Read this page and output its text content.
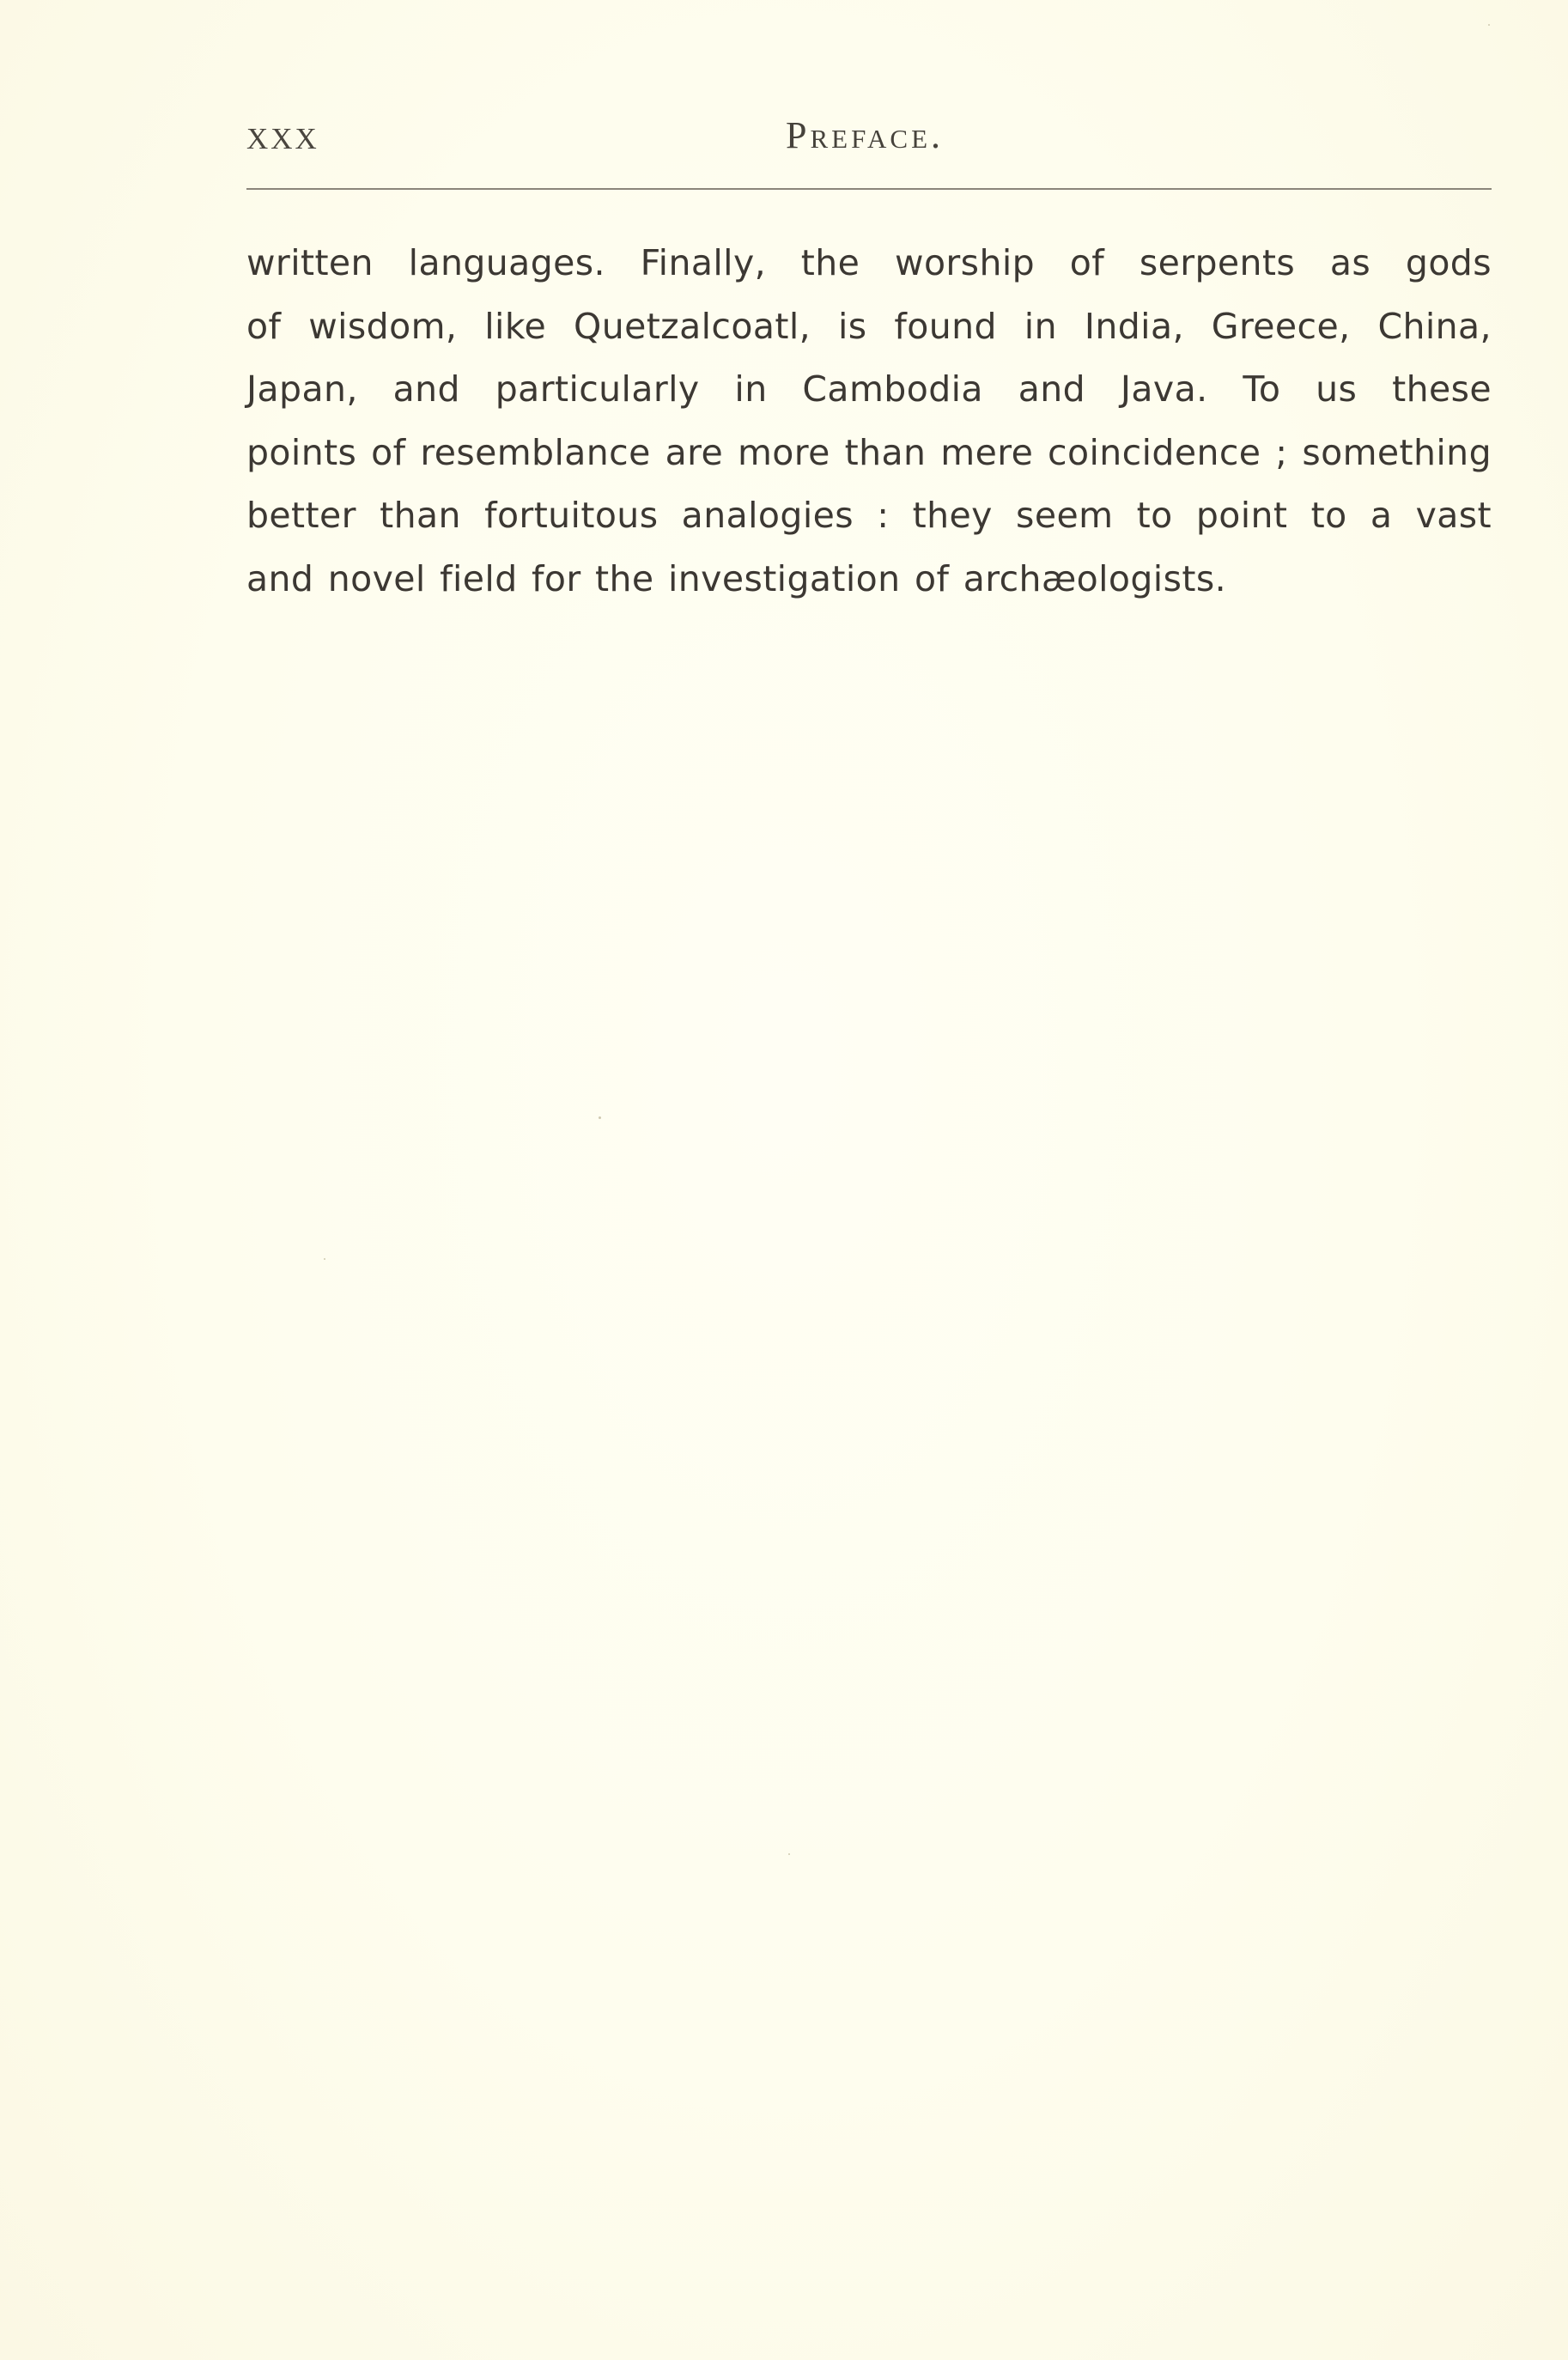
XXX	Preface.
written languages. Finally, the worship of serpents as gods
of wisdom, like Quetzalcoatl, is found in India, Greece, China,
Japan, and particularly in Cambodia and Java. To us these
points of resemblance are more than mere coincidence ; something
better than fortuitous analogies : they seem to point to a vast
and novel field for the investigation of archæologists.
